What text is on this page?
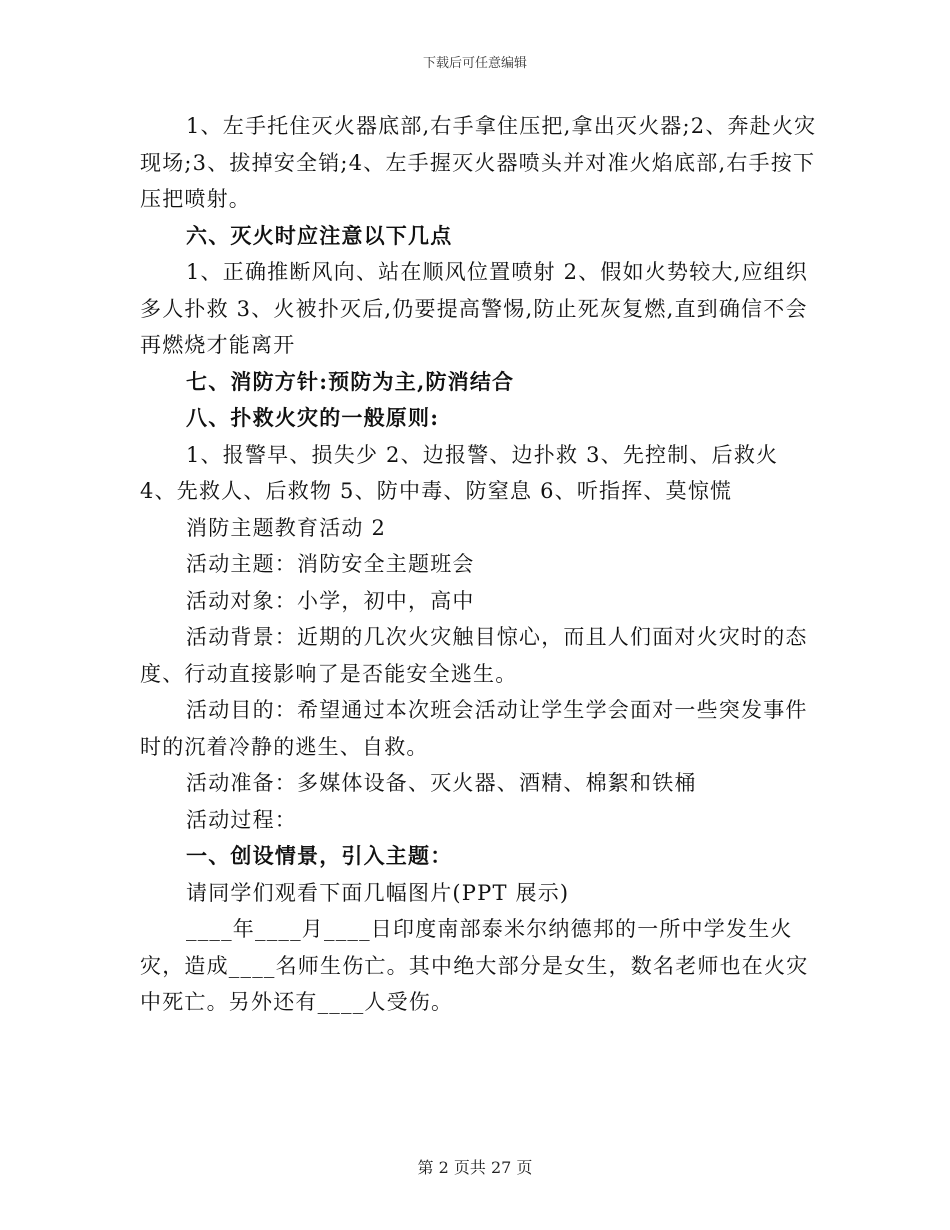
下载后可任意编辑

1、左手托住灭火器底部,右手拿住压把,拿出灭火器;2、奔赴火灾现场;3、拔掉安全销;4、左手握灭火器喷头并对准火焰底部,右手按下压把喷射。

六、灭火时应注意以下几点

1、正确推断风向、站在顺风位置喷射 2、假如火势较大,应组织多人扑救 3、火被扑灭后,仍要提高警惕,防止死灰复燃,直到确信不会再燃烧才能离开

七、消防方针:预防为主,防消结合

八、扑救火灾的一般原则:

1、报警早、损失少 2、边报警、边扑救 3、先控制、后救火 4、先救人、后救物 5、防中毒、防窒息 6、听指挥、莫惊慌

消防主题教育活动 2

活动主题：消防安全主题班会

活动对象：小学，初中，高中

活动背景：近期的几次火灾触目惊心，而且人们面对火灾时的态度、行动直接影响了是否能安全逃生。

活动目的：希望通过本次班会活动让学生学会面对一些突发事件时的沉着冷静的逃生、自救。

活动准备：多媒体设备、灭火器、酒精、棉絮和铁桶

活动过程：

一、创设情景，引入主题：

请同学们观看下面几幅图片(PPT 展示)

____年____月____日印度南部泰米尔纳德邦的一所中学发生火灾，造成____名师生伤亡。其中绝大部分是女生，数名老师也在火灾中死亡。另外还有____人受伤。

第 2 页共 27 页
